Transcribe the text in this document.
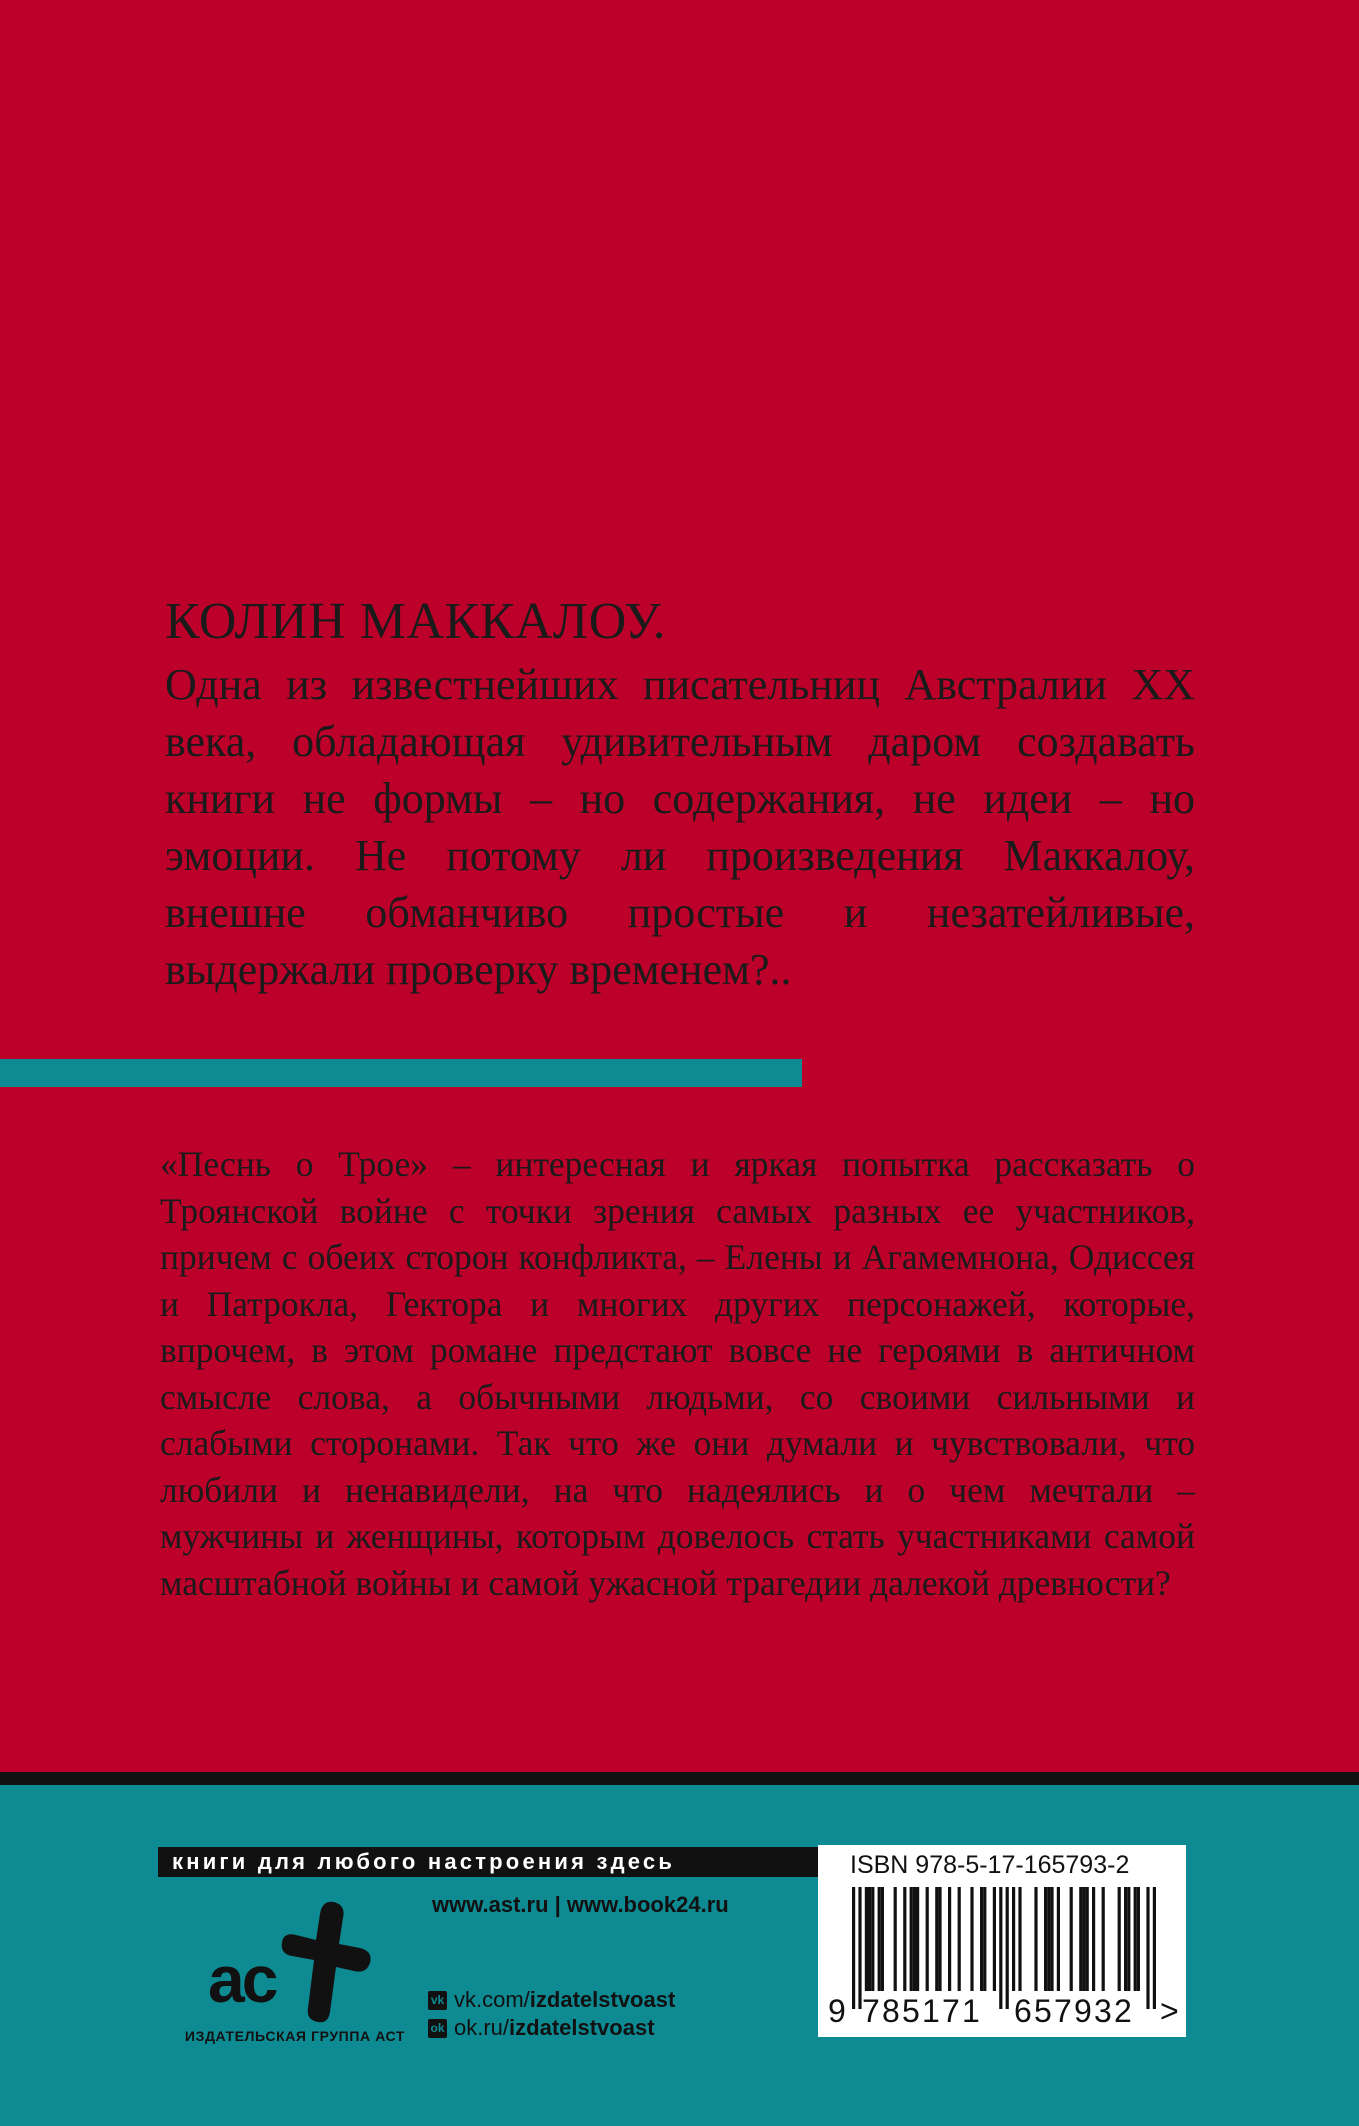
КОЛИН МАККАЛОУ.

Одна из известнейших писательниц Австралии XX века, обладающая удивительным даром создавать книги не формы – но содержания, не идеи – но эмоции. Не потому ли произведения Маккалоу, внешне обманчиво простые и незатейливые, выдержали проверку временем?..

«Песнь о Трое» – интересная и яркая попытка рассказать о Троянской войне с точки зрения самых разных ее участников, причем с обеих сторон конфликта, – Елены и Агамемнона, Одиссея и Патрокла, Гектора и многих других персонажей, которые, впрочем, в этом романе предстают вовсе не героями в античном смысле слова, а обычными людьми, со своими сильными и слабыми сторонами. Так что же они думали и чувствовали, что любили и ненавидели, на что надеялись и о чем мечтали – мужчины и женщины, которым довелось стать участниками самой масштабной войны и самой ужасной трагедии далекой древности?

книги для любого настроения здесь
ac
ИЗДАТЕЛЬСКАЯ ГРУППА АСТ
www.ast.ru | www.book24.ru
vk vk.com/ izdatelstvoast
ok ok.ru/ izdatelstvoast
ISBN 978-5-17-165793-2
9 785171 657932 >
